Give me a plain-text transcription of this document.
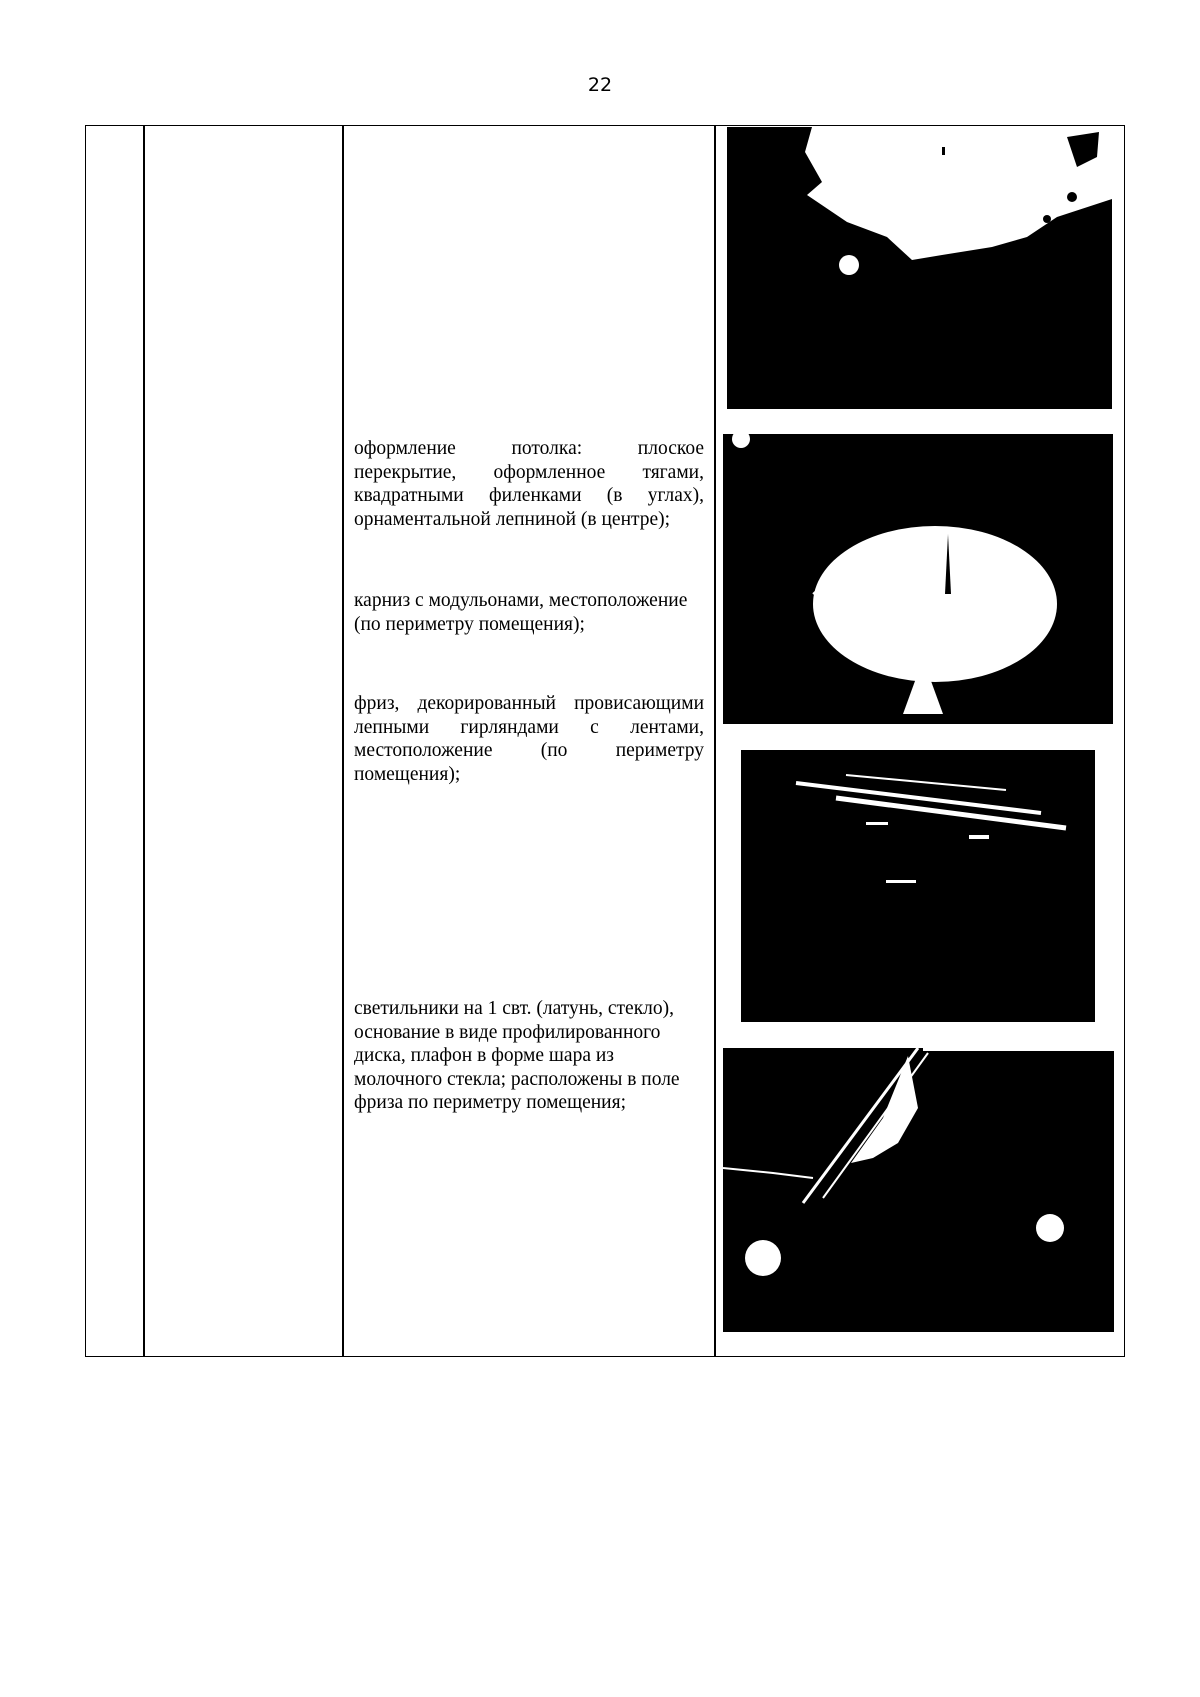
22
оформление потолка: плоское перекрытие, оформленное тягами, квадратными филенками (в углах), орнаментальной лепниной (в центре);
карниз с модульонами, местоположение (по периметру помещения);
фриз, декорированный провисающими лепными гирляндами с лентами, местоположение (по периметру помещения);
светильники на 1 свт. (латунь, стекло), основание в виде профилированного диска, плафон в форме шара из молочного стекла; расположены в поле фриза по периметру помещения;
